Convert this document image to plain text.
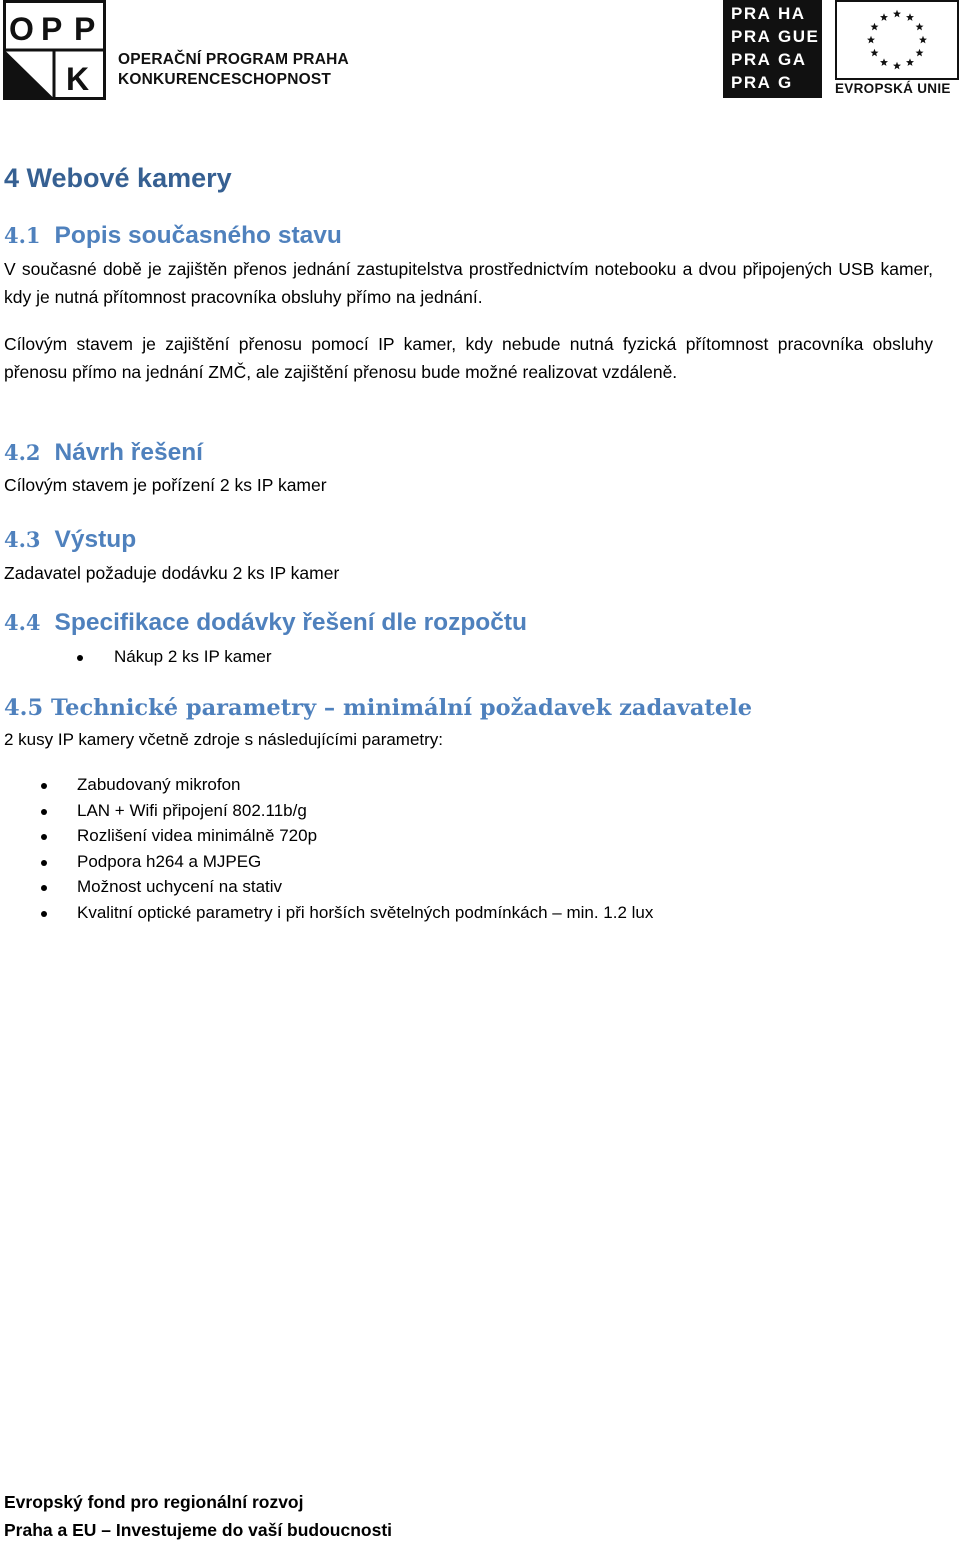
O P P
K
OPERAČNÍ PROGRAM PRAHA
KONKURENCESCHOPNOST
PRA HA
PRA GUE
PRA GA
PRA G	EVROPSKÁ UNIE
4 Webové kamery
4.1 Popis současného stavu
V současné době je zajištěn přenos jednání zastupitelstva prostřednictvím notebooku a dvou připojených USB kamer, kdy je nutná přítomnost pracovníka obsluhy přímo na jednání.
Cílovým stavem je zajištění přenosu pomocí IP kamer, kdy nebude nutná fyzická přítomnost pracovníka obsluhy přenosu přímo na jednání ZMČ, ale zajištění přenosu bude možné realizovat vzdáleně.
4.2 Návrh řešení
Cílovým stavem je pořízení 2 ks IP kamer
4.3 Výstup
Zadavatel požaduje dodávku 2 ks IP kamer
4.4 Specifikace dodávky řešení dle rozpočtu
Nákup 2 ks IP kamer
4.5 Technické parametry – minimální požadavek zadavatele
2 kusy IP kamery včetně zdroje s následujícími parametry:
Zabudovaný mikrofon
LAN + Wifi připojení 802.11b/g
Rozlišení videa minimálně 720p
Podpora h264 a MJPEG
Možnost uchycení na stativ
Kvalitní optické parametry i při horších světelných podmínkách – min. 1.2 lux
Evropský fond pro regionální rozvoj
Praha a EU – Investujeme do vaší budoucnosti
